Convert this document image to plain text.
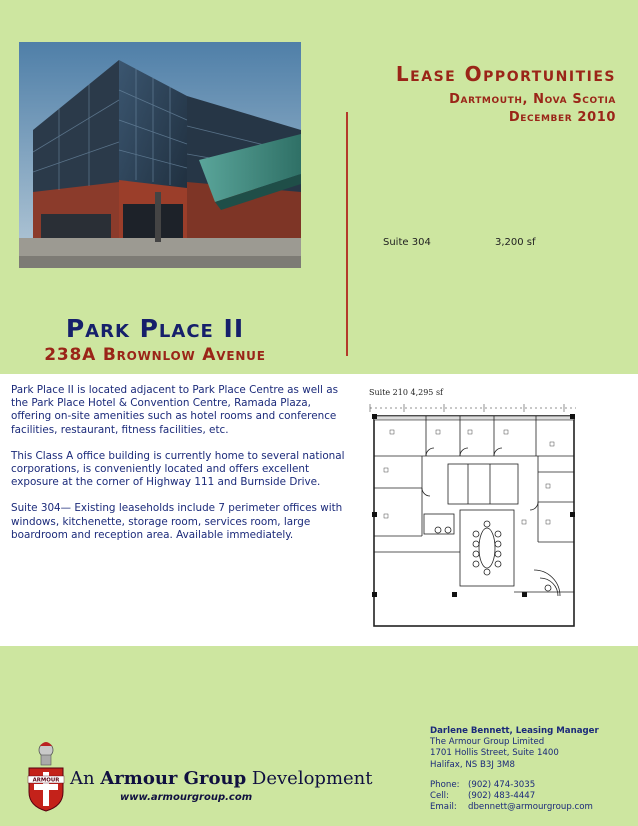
Lease Opportunities
Dartmouth, Nova Scotia
December 2010
Suite 304	3,200 sf
Park Place II
238A Brownlow Avenue

Park Place II is located adjacent to Park Place Centre as well as the Park Place Hotel & Convention Centre, Ramada Plaza, offering on-site amenities such as hotel rooms and conference facilities, restaurant, fitness facilities, etc.

This Class A office building is currently home to several national corporations, is conveniently located and offers excellent exposure at the corner of Highway 111 and Burnside Drive.

Suite 304— Existing leaseholds include 7 perimeter offices with windows, kitchenette, storage room, services room, large boardroom and reception area. Available immediately.

Suite 210 4,295 sf
ARMOUR An Armour Group Development
www.armourgroup.com
Darlene Bennett, Leasing Manager
The Armour Group Limited
1701 Hollis Street, Suite 1400
Halifax, NS B3J 3M8
Phone: (902) 474-3035
Cell: (902) 483-4447
Email: dbennett@armourgroup.com
